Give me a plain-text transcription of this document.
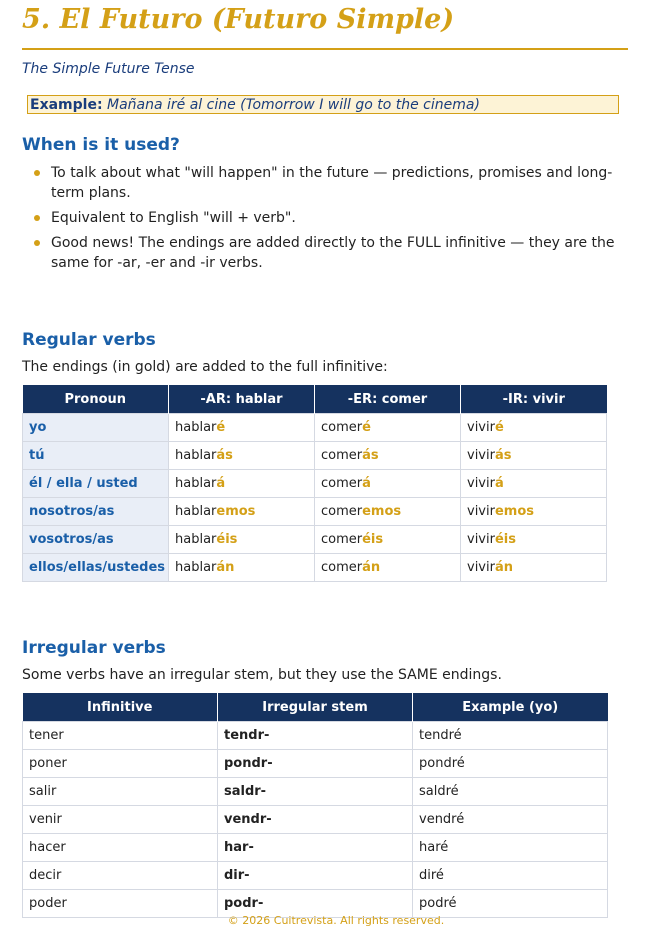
5. El Futuro (Futuro Simple)
The Simple Future Tense
Example: Mañana iré al cine (Tomorrow I will go to the cinema)
When is it used?
To talk about what "will happen" in the future — predictions, promises and long-term plans.
Equivalent to English "will + verb".
Good news! The endings are added directly to the FULL infinitive — they are the same for -ar, -er and -ir verbs.
Regular verbs
The endings (in gold) are added to the full infinitive:
Pronoun	-AR: hablar	-ER: comer	-IR: vivir
yo	hablaré	comeré	viviré
tú	hablarás	comerás	vivirás
él / ella / usted	hablará	comerá	vivirá
nosotros/as	hablaremos	comeremos	viviremos
vosotros/as	hablaréis	comeréis	viviréis
ellos/ellas/ustedes	hablarán	comerán	vivirán
Irregular verbs
Some verbs have an irregular stem, but they use the SAME endings.
Infinitive	Irregular stem	Example (yo)
tener	tendr-	tendré
poner	pondr-	pondré
salir	saldr-	saldré
venir	vendr-	vendré
hacer	har-	haré
decir	dir-	diré
poder	podr-	podré
© 2026 Cuitrevista. All rights reserved.
